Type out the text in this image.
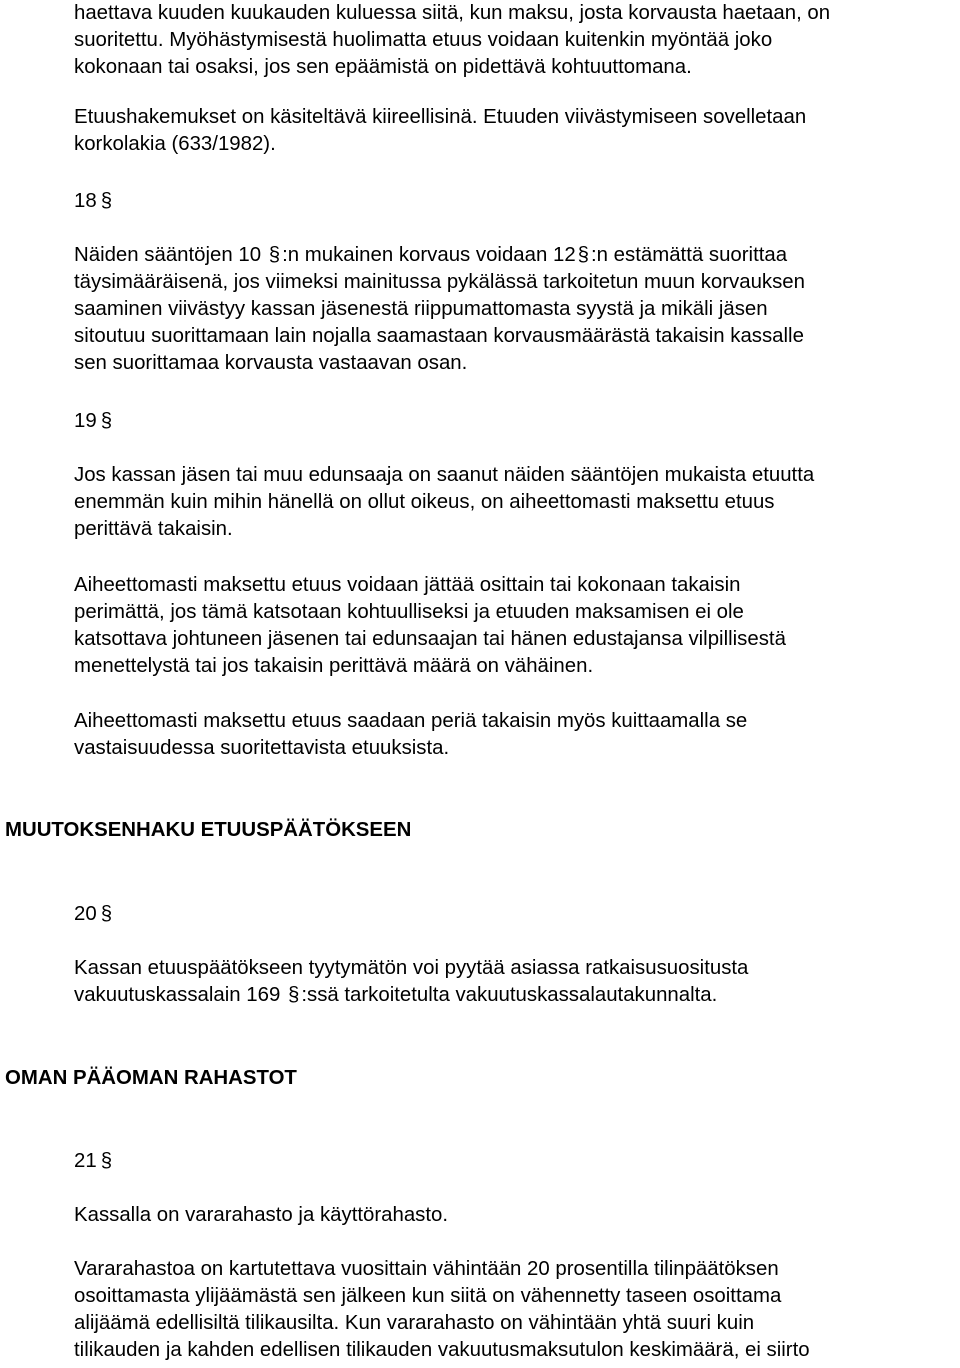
haettava kuuden kuukauden kuluessa siitä, kun maksu, josta korvausta haetaan, on
suoritettu. Myöhästymisestä huolimatta etuus voidaan kuitenkin myöntää joko
kokonaan tai osaksi, jos sen epäämistä on pidettävä kohtuuttomana.
Etuushakemukset on käsiteltävä kiireellisinä. Etuuden viivästymiseen sovelletaan
korkolakia (633/1982).

18 §

Näiden sääntöjen 10 §:n mukainen korvaus voidaan 12§:n estämättä suorittaa
täysimääräisenä, jos viimeksi mainitussa pykälässä tarkoitetun muun korvauksen
saaminen viivästyy kassan jäsenestä riippumattomasta syystä ja mikäli jäsen
sitoutuu suorittamaan lain nojalla saamastaan korvausmäärästä takaisin kassalle
sen suorittamaa korvausta vastaavan osan.

19 §

Jos kassan jäsen tai muu edunsaaja on saanut näiden sääntöjen mukaista etuutta
enemmän kuin mihin hänellä on ollut oikeus, on aiheettomasti maksettu etuus
perittävä takaisin.
Aiheettomasti maksettu etuus voidaan jättää osittain tai kokonaan takaisin
perimättä, jos tämä katsotaan kohtuulliseksi ja etuuden maksamisen ei ole
katsottava johtuneen jäsenen tai edunsaajan tai hänen edustajansa vilpillisestä
menettelystä tai jos takaisin perittävä määrä on vähäinen.
Aiheettomasti maksettu etuus saadaan periä takaisin myös kuittaamalla se
vastaisuudessa suoritettavista etuuksista.
MUUTOKSENHAKU ETUUSPÄÄTÖKSEEN

20 §

Kassan etuuspäätökseen tyytymätön voi pyytää asiassa ratkaisusuositusta
vakuutuskassalain 169 §:ssä tarkoitetulta vakuutuskassalautakunnalta.
OMAN PÄÄOMAN RAHASTOT

21 §

Kassalla on vararahasto ja käyttörahasto.

Vararahastoa on kartutettava vuosittain vähintään 20 prosentilla tilinpäätöksen
osoittamasta ylijäämästä sen jälkeen kun siitä on vähennetty taseen osoittama
alijäämä edellisiltä tilikausilta. Kun vararahasto on vähintään yhtä suuri kuin
tilikauden ja kahden edellisen tilikauden vakuutusmaksutulon keskimäärä, ei siirto
